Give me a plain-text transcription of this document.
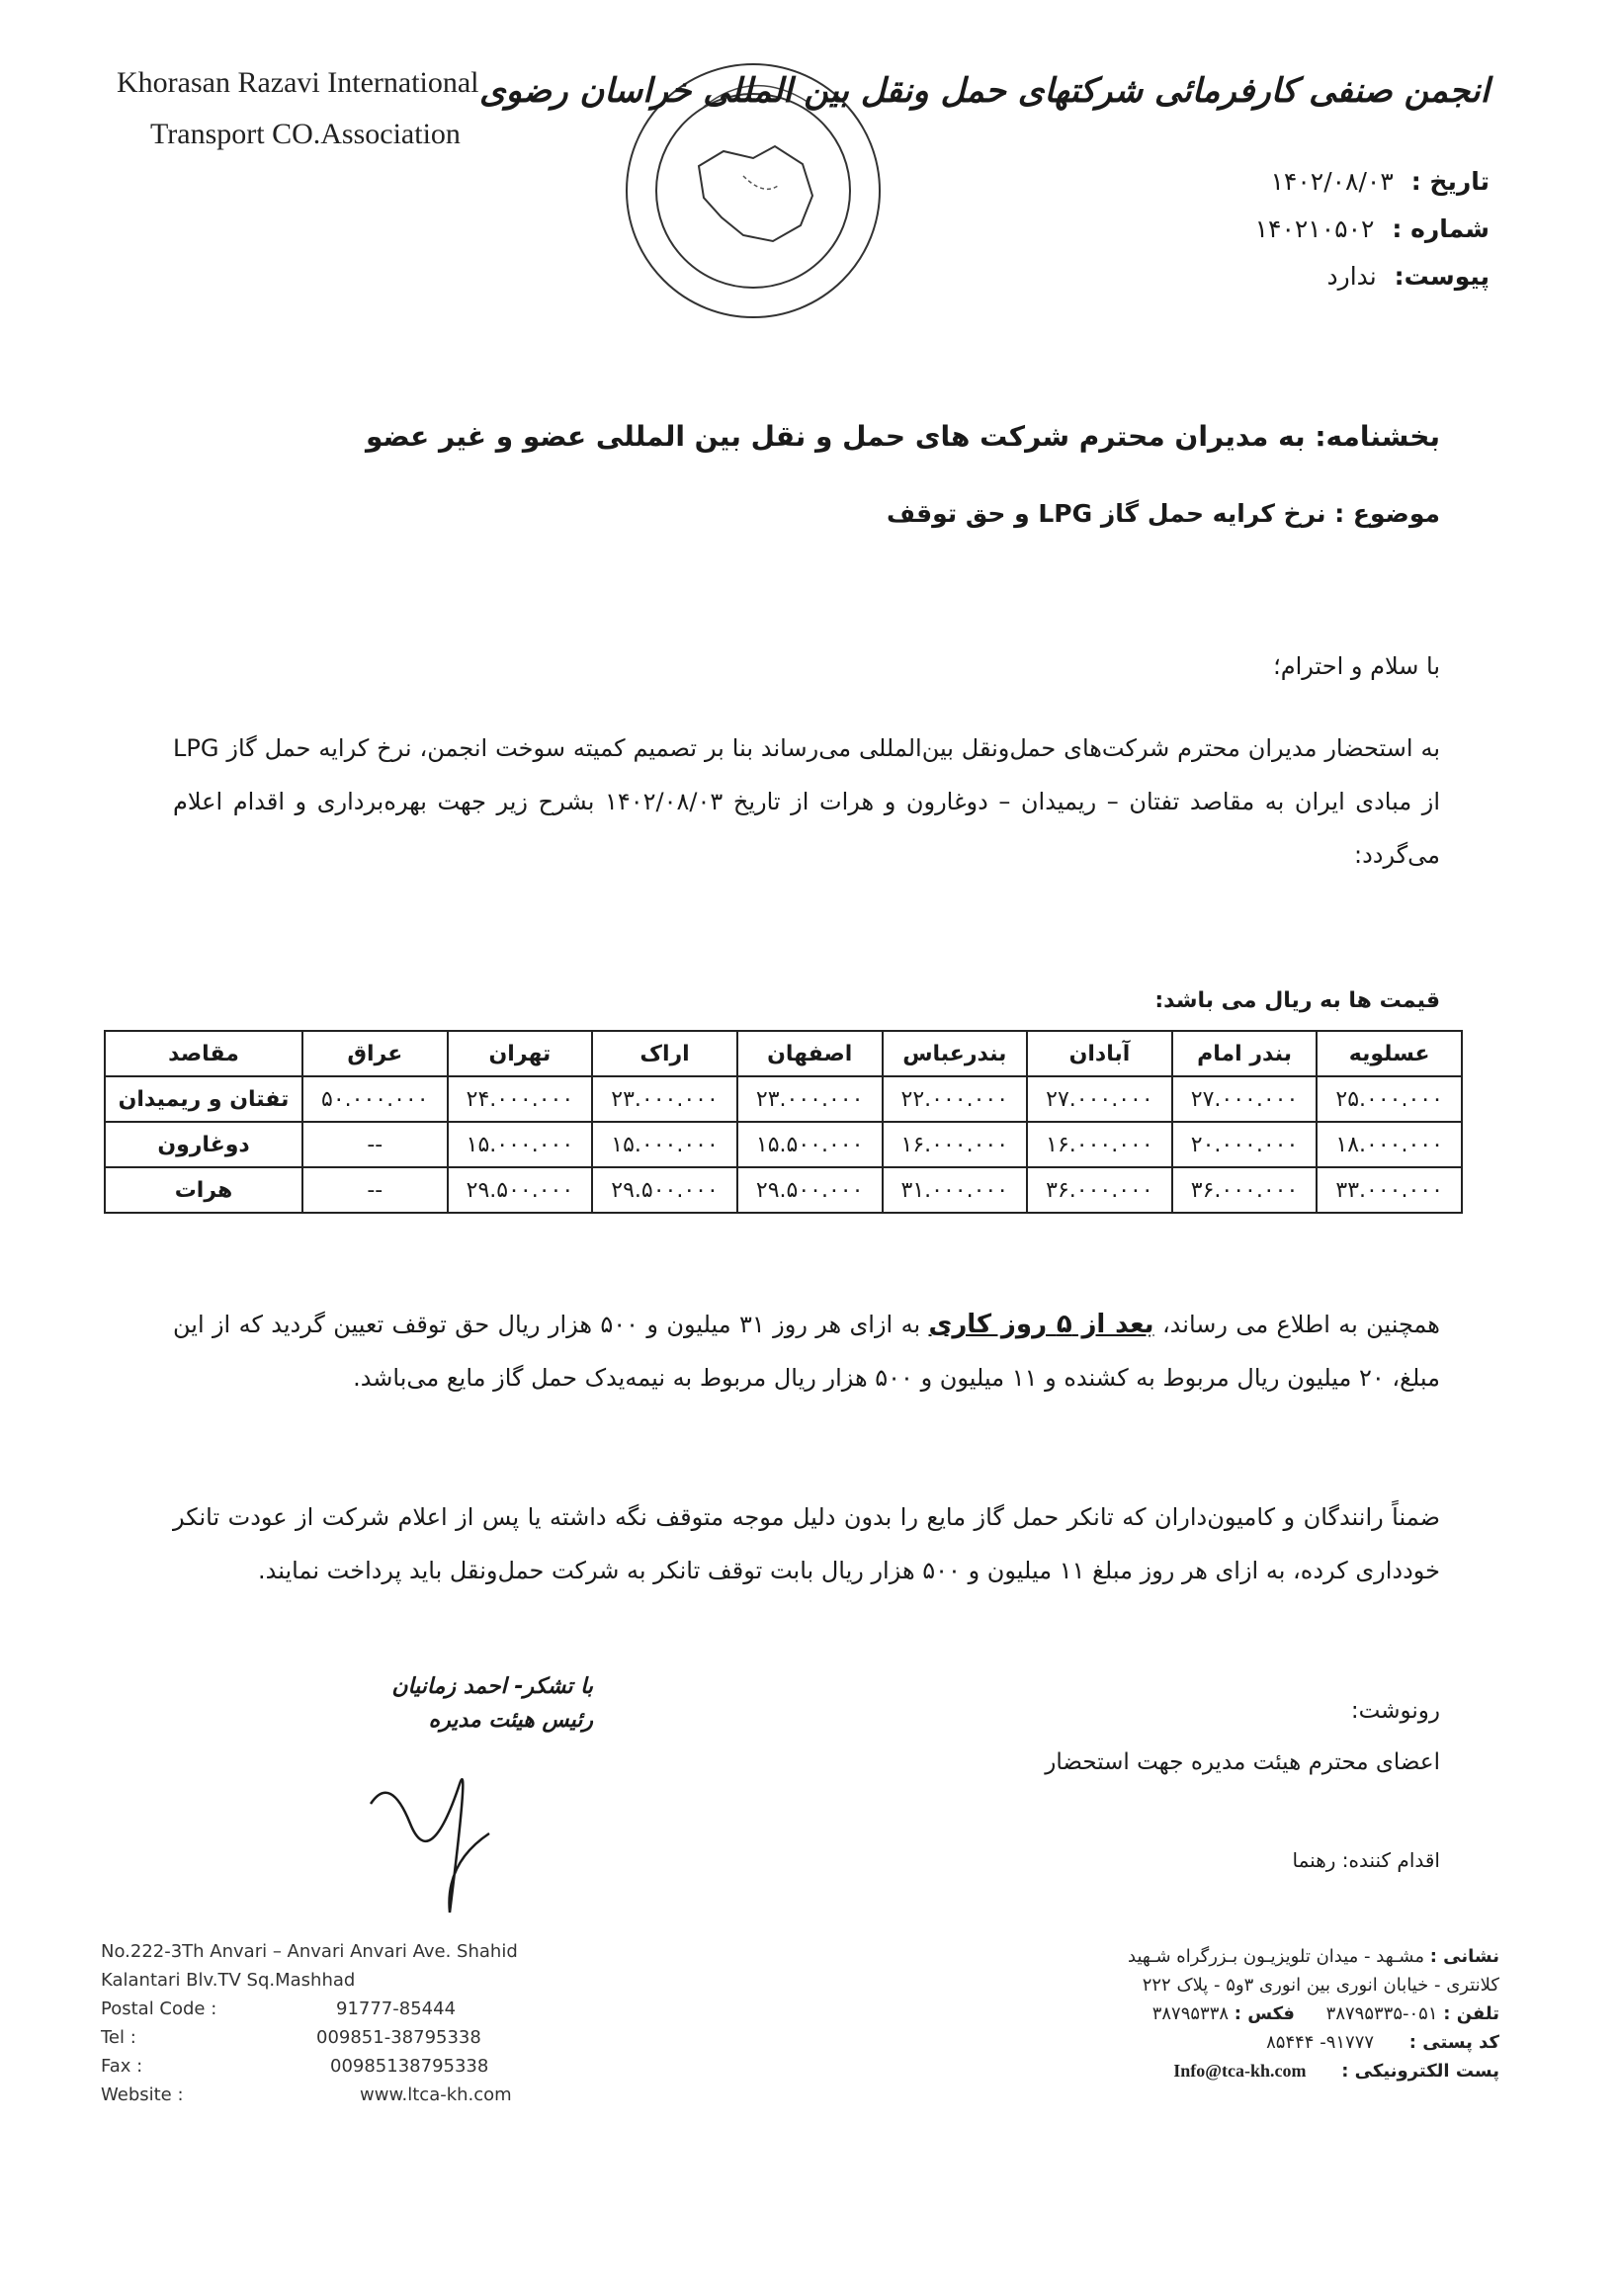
Khorasan Razavi International
Transport CO.Association
انجمن صنفی کارفرمائی شرکتهای حمل ونقل بین المللی خراسان رضوی
تاریخ : ۱۴۰۲/۰۸/۰۳
شماره : ۱۴۰۲۱۰۵۰۲
پیوست: ندارد
بخشنامه: به مدیران محترم شرکت های حمل و نقل بین المللی عضو و غیر عضو
موضوع : نرخ کرایه حمل گاز LPG و حق توقف
با سلام و احترام؛
به استحضار مدیران محترم شرکت‌های حمل‌ونقل بین‌المللی می‌رساند بنا بر تصمیم کمیته سوخت انجمن، نرخ کرایه حمل گاز LPG از مبادی ایران به مقاصد تفتان – ریمیدان – دوغارون و هرات از تاریخ ۱۴۰۲/۰۸/۰۳ بشرح زیر جهت بهره‌برداری و اقدام اعلام می‌گردد:
قیمت ها به ریال می باشد:
عسلویه	بندر امام	آبادان	بندرعباس	اصفهان	اراک	تهران	عراق	مقاصد
۲۵.۰۰۰.۰۰۰	۲۷.۰۰۰.۰۰۰	۲۷.۰۰۰.۰۰۰	۲۲.۰۰۰.۰۰۰	۲۳.۰۰۰.۰۰۰	۲۳.۰۰۰.۰۰۰	۲۴.۰۰۰.۰۰۰	۵۰.۰۰۰.۰۰۰	تفتان و ریمیدان
۱۸.۰۰۰.۰۰۰	۲۰.۰۰۰.۰۰۰	۱۶.۰۰۰.۰۰۰	۱۶.۰۰۰.۰۰۰	۱۵.۵۰۰.۰۰۰	۱۵.۰۰۰.۰۰۰	۱۵.۰۰۰.۰۰۰	--	دوغارون
۳۳.۰۰۰.۰۰۰	۳۶.۰۰۰.۰۰۰	۳۶.۰۰۰.۰۰۰	۳۱.۰۰۰.۰۰۰	۲۹.۵۰۰.۰۰۰	۲۹.۵۰۰.۰۰۰	۲۹.۵۰۰.۰۰۰	--	هرات
همچنین به اطلاع می رساند، بعد از ۵ روز کاری به ازای هر روز ۳۱ میلیون و ۵۰۰ هزار ریال حق توقف تعیین گردید که از این مبلغ، ۲۰ میلیون ریال مربوط به کشنده و ۱۱ میلیون و ۵۰۰ هزار ریال مربوط به نیمه‌یدک حمل گاز مایع می‌باشد.
ضمناً رانندگان و کامیون‌داران که تانکر حمل گاز مایع را بدون دلیل موجه متوقف نگه داشته یا پس از اعلام شرکت از عودت تانکر خودداری کرده، به ازای هر روز مبلغ ۱۱ میلیون و ۵۰۰ هزار ریال بابت توقف تانکر به شرکت حمل‌ونقل باید پرداخت نمایند.
با تشکر- احمد زمانیان
رئیس هیئت مدیره	رونوشت:
اعضای محترم هیئت مدیره جهت استحضار
اقدام کننده: رهنما
No.222-3Th Anvari – Anvari Anvari Ave. Shahid
Kalantari Blv.TV Sq.Mashhad
Postal Code :	91777-85444
Tel :	009851-38795338
Fax :	00985138795338
Website :	www.ltca-kh.com
نشانی : مشـهد - میدان تلویزیـون بـزرگراه شـهید
کلانتری - خیابان انوری بین انوری ۳و۵ - پلاک ۲۲۲
تلفن : ۰۵۱-۳۸۷۹۵۳۳۵ فکس : ۳۸۷۹۵۳۳۸
کد پستی : ۹۱۷۷۷- ۸۵۴۴۴
پست الکترونیکی : Info@tca-kh.com
